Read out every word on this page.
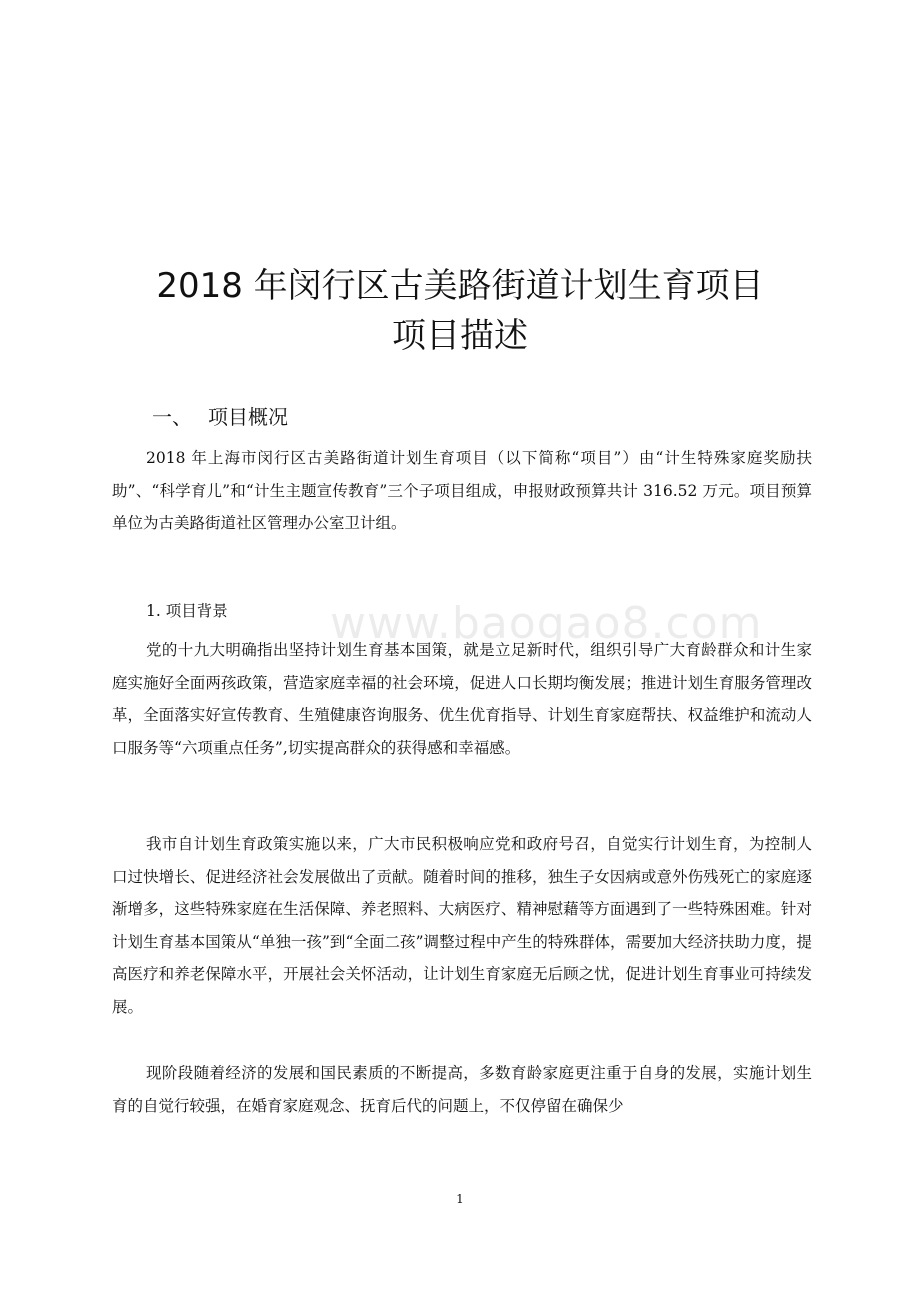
www.baogao8.com
2018 年闵行区古美路街道计划生育项目
项目描述
一、 项目概况

2018 年上海市闵行区古美路街道计划生育项目（以下简称“项目”）由“计生特殊家庭奖励扶助”、“科学育儿”和“计生主题宣传教育”三个子项目组成，申报财政预算共计 316.52 万元。项目预算单位为古美路街道社区管理办公室卫计组。

1. 项目背景

党的十九大明确指出坚持计划生育基本国策，就是立足新时代，组织引导广大育龄群众和计生家庭实施好全面两孩政策，营造家庭幸福的社会环境，促进人口长期均衡发展；推进计划生育服务管理改革，全面落实好宣传教育、生殖健康咨询服务、优生优育指导、计划生育家庭帮扶、权益维护和流动人口服务等“六项重点任务”,切实提高群众的获得感和幸福感。

我市自计划生育政策实施以来，广大市民积极响应党和政府号召，自觉实行计划生育，为控制人口过快增长、促进经济社会发展做出了贡献。随着时间的推移，独生子女因病或意外伤残死亡的家庭逐渐增多，这些特殊家庭在生活保障、养老照料、大病医疗、精神慰藉等方面遇到了一些特殊困难。针对计划生育基本国策从“单独一孩”到“全面二孩”调整过程中产生的特殊群体，需要加大经济扶助力度，提高医疗和养老保障水平，开展社会关怀活动，让计划生育家庭无后顾之忧，促进计划生育事业可持续发展。

现阶段随着经济的发展和国民素质的不断提高，多数育龄家庭更注重于自身的发展，实施计划生育的自觉行较强，在婚育家庭观念、抚育后代的问题上，不仅停留在确保少

1
